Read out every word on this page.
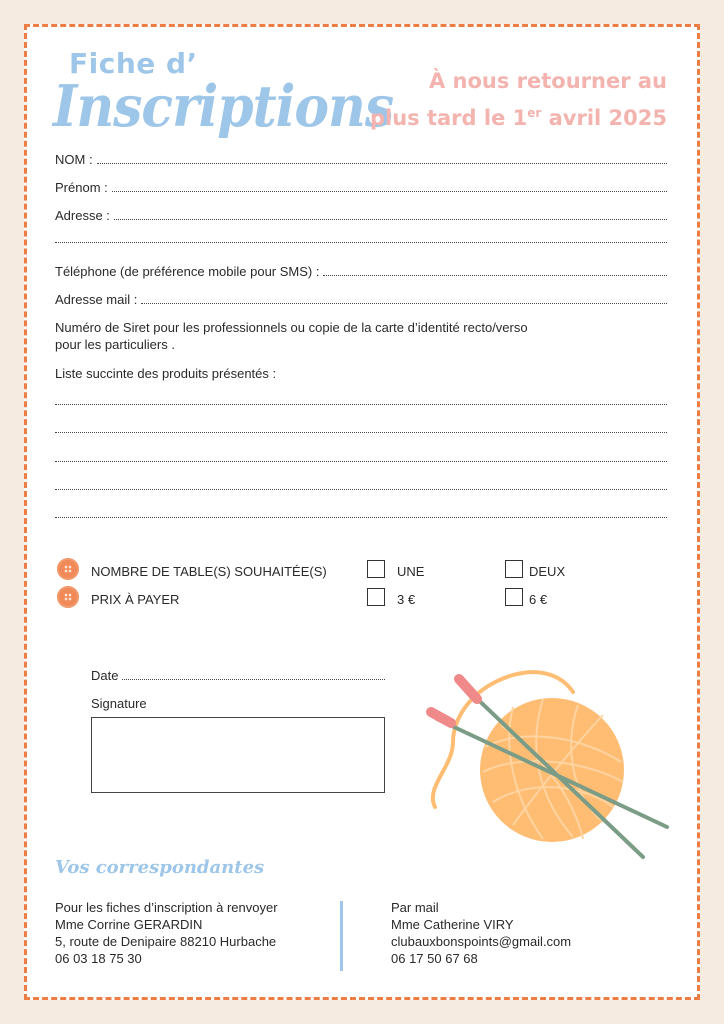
Fiche d’
Inscriptions	À nous retourner au
plus tard le 1er avril 2025
NOM :
Prénom :
Adresse :
Téléphone (de préférence mobile pour SMS) :
Adresse mail :
Numéro de Siret pour les professionnels ou copie de la carte d’identité recto/verso
pour les particuliers .
Liste succinte des produits présentés :
NOMBRE DE TABLE(S) SOUHAITÉE(S)	UNE	DEUX
PRIX À PAYER	3 €	6 €
Date
Signature
Vos correspondantes
Pour les fiches d’inscription à renvoyer
Mme Corrine GERARDIN
5, route de Denipaire 88210 Hurbache
06 03 18 75 30
Par mail
Mme Catherine VIRY
clubauxbonspoints@gmail.com
06 17 50 67 68
